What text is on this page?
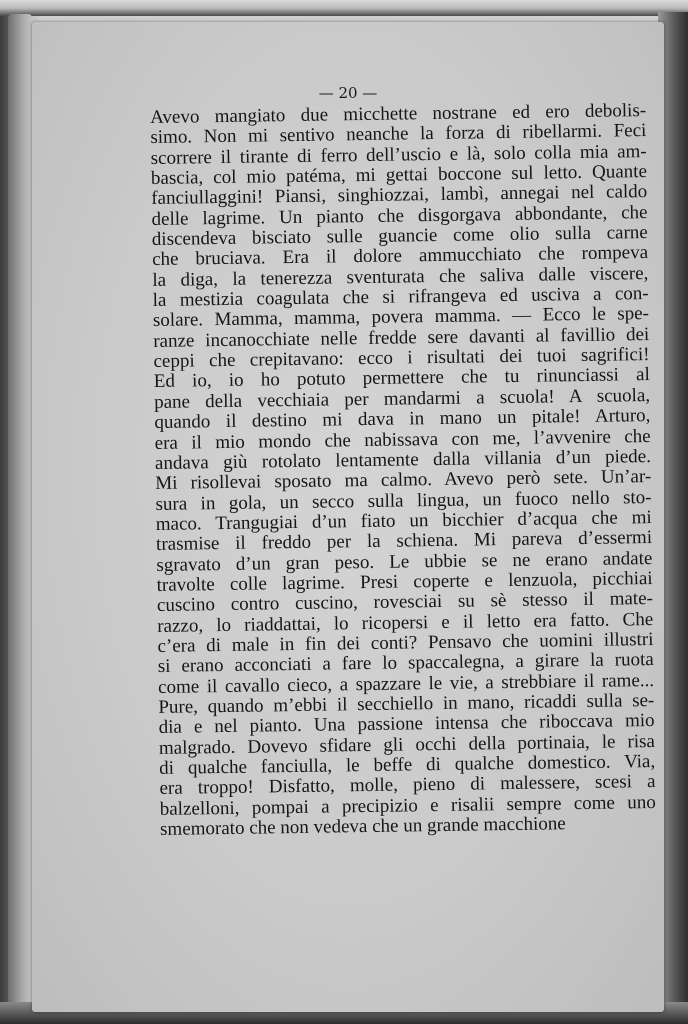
— 20 —
Avevo mangiato due micchette nostrane ed ero debolis-
simo. Non mi sentivo neanche la forza di ribellarmi. Feci
scorrere il tirante di ferro dell’uscio e là, solo colla mia am-
bascia, col mio patéma, mi gettai boccone sul letto. Quante
fanciullaggini! Piansi, singhiozzai, lambì, annegai nel caldo
delle lagrime. Un pianto che disgorgava abbondante, che
discendeva bisciato sulle guancie come olio sulla carne
che bruciava. Era il dolore ammucchiato che rompeva
la diga, la tenerezza sventurata che saliva dalle viscere,
la mestizia coagulata che si rifrangeva ed usciva a con-
solare. Mamma, mamma, povera mamma. — Ecco le spe-
ranze incanocchiate nelle fredde sere davanti al favillio dei
ceppi che crepitavano: ecco i risultati dei tuoi sagrifici!
Ed io, io ho potuto permettere che tu rinunciassi al
pane della vecchiaia per mandarmi a scuola! A scuola,
quando il destino mi dava in mano un pitale! Arturo,
era il mio mondo che nabissava con me, l’avvenire che
andava giù rotolato lentamente dalla villania d’un piede.
Mi risollevai sposato ma calmo. Avevo però sete. Un’ar-
sura in gola, un secco sulla lingua, un fuoco nello sto-
maco. Trangugiai d’un fiato un bicchier d’acqua che mi
trasmise il freddo per la schiena. Mi pareva d’essermi
sgravato d’un gran peso. Le ubbie se ne erano andate
travolte colle lagrime. Presi coperte e lenzuola, picchiai
cuscino contro cuscino, rovesciai su sè stesso il mate-
razzo, lo riaddattai, lo ricopersi e il letto era fatto. Che
c’era di male in fin dei conti? Pensavo che uomini illustri
si erano acconciati a fare lo spaccalegna, a girare la ruota
come il cavallo cieco, a spazzare le vie, a strebbiare il rame...
Pure, quando m’ebbi il secchiello in mano, ricaddi sulla se-
dia e nel pianto. Una passione intensa che riboccava mio
malgrado. Dovevo sfidare gli occhi della portinaia, le risa
di qualche fanciulla, le beffe di qualche domestico. Via,
era troppo! Disfatto, molle, pieno di malessere, scesi a
balzelloni, pompai a precipizio e risalii sempre come uno
smemorato che non vedeva che un grande macchione
